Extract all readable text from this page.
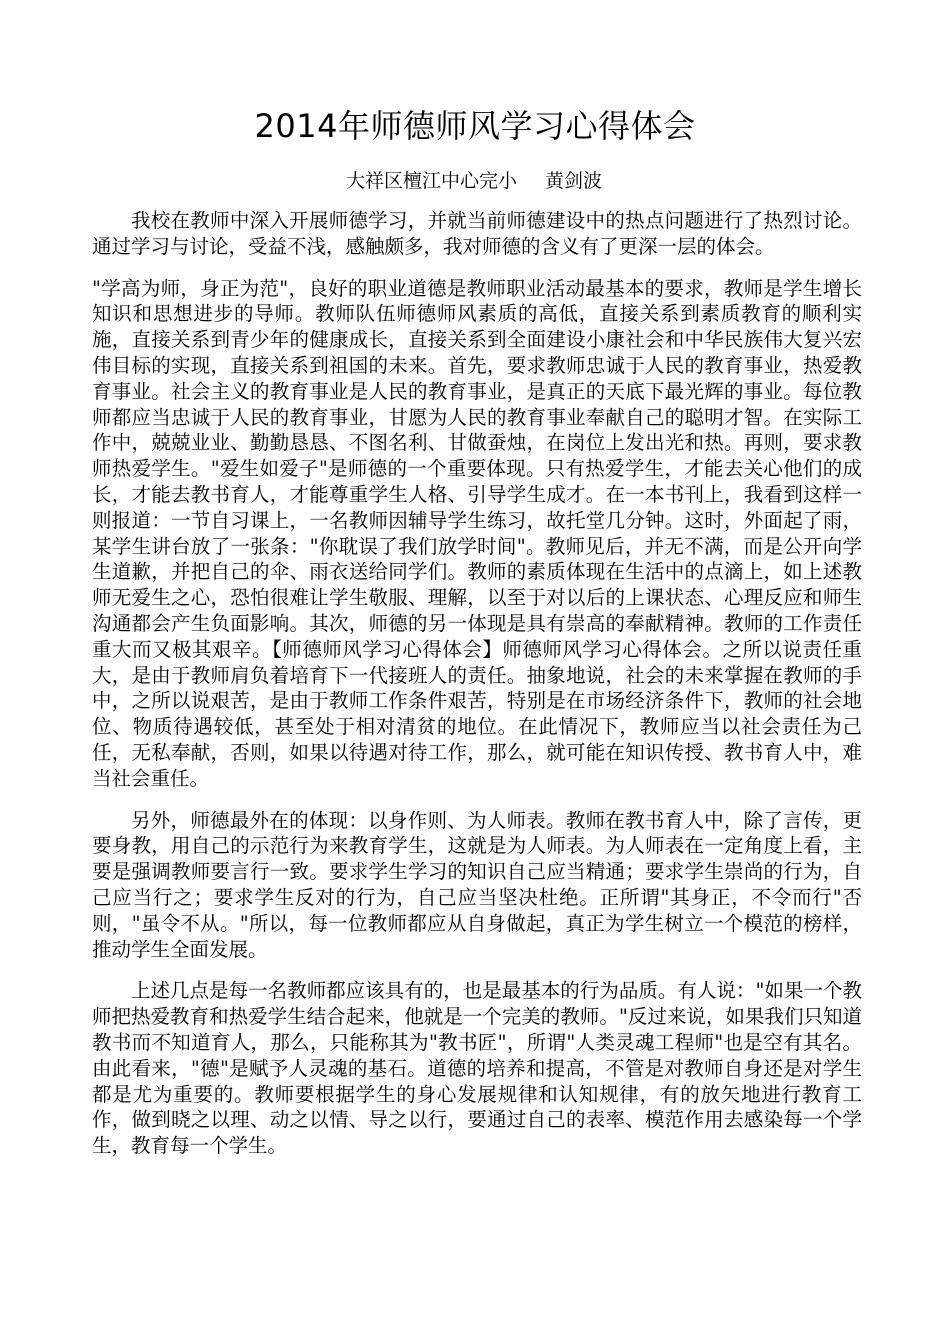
2014年师德师风学习心得体会
大祥区檀江中心完小 黄剑波

我校在教师中深入开展师德学习，并就当前师德建设中的热点问题进行了热烈讨论。通过学习与讨论，受益不浅，感触颇多，我对师德的含义有了更深一层的体会。

"学高为师，身正为范"，良好的职业道德是教师职业活动最基本的要求，教师是学生增长知识和思想进步的导师。教师队伍师德师风素质的高低，直接关系到素质教育的顺利实施，直接关系到青少年的健康成长，直接关系到全面建设小康社会和中华民族伟大复兴宏伟目标的实现，直接关系到祖国的未来。首先，要求教师忠诚于人民的教育事业，热爱教育事业。社会主义的教育事业是人民的教育事业，是真正的天底下最光辉的事业。每位教师都应当忠诚于人民的教育事业，甘愿为人民的教育事业奉献自己的聪明才智。在实际工作中，兢兢业业、勤勤恳恳、不图名利、甘做蚕烛，在岗位上发出光和热。再则，要求教师热爱学生。"爱生如爱子"是师德的一个重要体现。只有热爱学生，才能去关心他们的成长，才能去教书育人，才能尊重学生人格、引导学生成才。在一本书刊上，我看到这样一则报道：一节自习课上，一名教师因辅导学生练习，故托堂几分钟。这时，外面起了雨，某学生讲台放了一张条："你耽误了我们放学时间"。教师见后，并无不满，而是公开向学生道歉，并把自己的伞、雨衣送给同学们。教师的素质体现在生活中的点滴上，如上述教师无爱生之心，恐怕很难让学生敬服、理解，以至于对以后的上课状态、心理反应和师生沟通都会产生负面影响。其次，师德的另一体现是具有崇高的奉献精神。教师的工作责任重大而又极其艰辛。【师德师风学习心得体会】师德师风学习心得体会。之所以说责任重大，是由于教师肩负着培育下一代接班人的责任。抽象地说，社会的未来掌握在教师的手中，之所以说艰苦，是由于教师工作条件艰苦，特别是在市场经济条件下，教师的社会地位、物质待遇较低，甚至处于相对清贫的地位。在此情况下，教师应当以社会责任为己任，无私奉献，否则，如果以待遇对待工作，那么，就可能在知识传授、教书育人中，难当社会重任。

另外，师德最外在的体现：以身作则、为人师表。教师在教书育人中，除了言传，更要身教，用自己的示范行为来教育学生，这就是为人师表。为人师表在一定角度上看，主要是强调教师要言行一致。要求学生学习的知识自己应当精通；要求学生崇尚的行为，自己应当行之；要求学生反对的行为，自己应当坚决杜绝。正所谓"其身正，不令而行"否则，"虽令不从。"所以，每一位教师都应从自身做起，真正为学生树立一个模范的榜样，推动学生全面发展。

上述几点是每一名教师都应该具有的，也是最基本的行为品质。有人说："如果一个教师把热爱教育和热爱学生结合起来，他就是一个完美的教师。"反过来说，如果我们只知道教书而不知道育人，那么，只能称其为"教书匠"，所谓"人类灵魂工程师"也是空有其名。由此看来，"德"是赋予人灵魂的基石。道德的培养和提高，不管是对教师自身还是对学生都是尤为重要的。教师要根据学生的身心发展规律和认知规律，有的放矢地进行教育工作，做到晓之以理、动之以情、导之以行，要通过自己的表率、模范作用去感染每一个学生，教育每一个学生。
